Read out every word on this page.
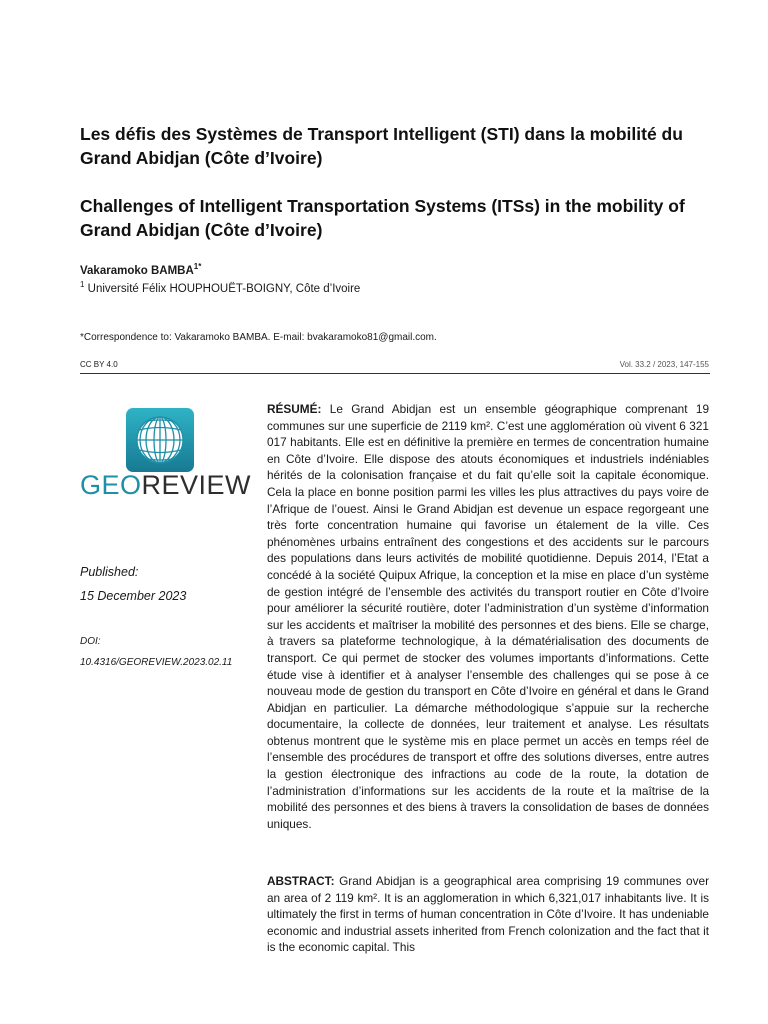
Les défis des Systèmes de Transport Intelligent (STI) dans la mobilité du Grand Abidjan (Côte d’Ivoire)
Challenges of Intelligent Transportation Systems (ITSs) in the mobility of Grand Abidjan (Côte d’Ivoire)
Vakaramoko $BAMBA^{1*}$
$^1$ Université Félix HOUPHOUËT-BOIGNY, Côte d’Ivoire
*Correspondence to: Vakaramoko BAMBA. E-mail: bvakaramoko81@gmail.com.
CC BY 4.0	Vol. 33.2 / 2023, 147-155
GEOREVIEW
Published:
15 December 2023
DOI:
10.4316/GEOREVIEW.2023.02.11

RÉSUMÉ: Le Grand Abidjan est un ensemble géographique comprenant 19 communes sur une superficie de 2119 km². C’est une agglomération où vivent 6 321 017 habitants. Elle est en définitive la première en termes de concentration humaine en Côte d’Ivoire. Elle dispose des atouts économiques et industriels indéniables hérités de la colonisation française et du fait qu’elle soit la capitale économique. Cela la place en bonne position parmi les villes les plus attractives du pays voire de l’Afrique de l’ouest. Ainsi le Grand Abidjan est devenue un espace regorgeant une très forte concentration humaine qui favorise un étalement de la ville. Ces phénomènes urbains entraînent des congestions et des accidents sur le parcours des populations dans leurs activités de mobilité quotidienne. Depuis 2014, l’Etat a concédé à la société Quipux Afrique, la conception et la mise en place d’un système de gestion intégré de l’ensemble des activités du transport routier en Côte d’Ivoire pour améliorer la sécurité routière, doter l’administration d’un système d’information sur les accidents et maîtriser la mobilité des personnes et des biens. Elle se charge, à travers sa plateforme technologique, à la dématérialisation des documents de transport. Ce qui permet de stocker des volumes importants d’informations. Cette étude vise à identifier et à analyser l’ensemble des challenges qui se pose à ce nouveau mode de gestion du transport en Côte d’Ivoire en général et dans le Grand Abidjan en particulier. La démarche méthodologique s’appuie sur la recherche documentaire, la collecte de données, leur traitement et analyse. Les résultats obtenus montrent que le système mis en place permet un accès en temps réel de l’ensemble des procédures de transport et offre des solutions diverses, entre autres la gestion électronique des infractions au code de la route, la dotation de l’administration d’informations sur les accidents de la route et la maîtrise de la mobilité des personnes et des biens à travers la consolidation de bases de données uniques.

ABSTRACT: Grand Abidjan is a geographical area comprising 19 communes over an area of 2 119 km². It is an agglomeration in which 6,321,017 inhabitants live. It is ultimately the first in terms of human concentration in Côte d’Ivoire. It has undeniable economic and industrial assets inherited from French colonization and the fact that it is the economic capital. This
